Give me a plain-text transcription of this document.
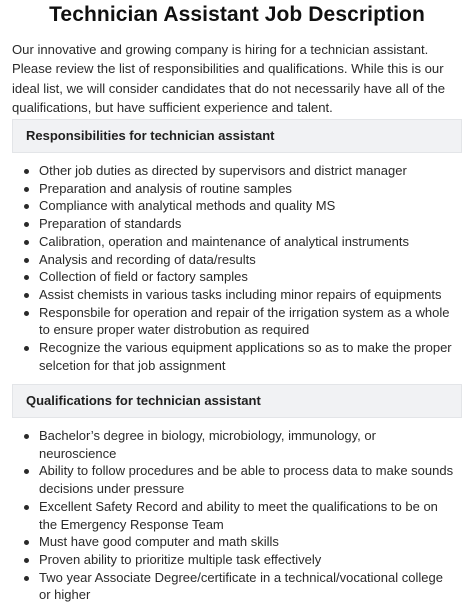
Technician Assistant Job Description

Our innovative and growing company is hiring for a technician assistant. Please review the list of responsibilities and qualifications. While this is our ideal list, we will consider candidates that do not necessarily have all of the qualifications, but have sufficient experience and talent.

Responsibilities for technician assistant
Other job duties as directed by supervisors and district manager
Preparation and analysis of routine samples
Compliance with analytical methods and quality MS
Preparation of standards
Calibration, operation and maintenance of analytical instruments
Analysis and recording of data/results
Collection of field or factory samples
Assist chemists in various tasks including minor repairs of equipments
Responsbile for operation and repair of the irrigation system as a whole to ensure proper water distrobution as required
Recognize the various equipment applications so as to make the proper selcetion for that job assignment
Qualifications for technician assistant
Bachelor’s degree in biology, microbiology, immunology, or neuroscience
Ability to follow procedures and be able to process data to make sounds decisions under pressure
Excellent Safety Record and ability to meet the qualifications to be on the Emergency Response Team
Must have good computer and math skills
Proven ability to prioritize multiple task effectively
Two year Associate Degree/certificate in a technical/vocational college or higher
